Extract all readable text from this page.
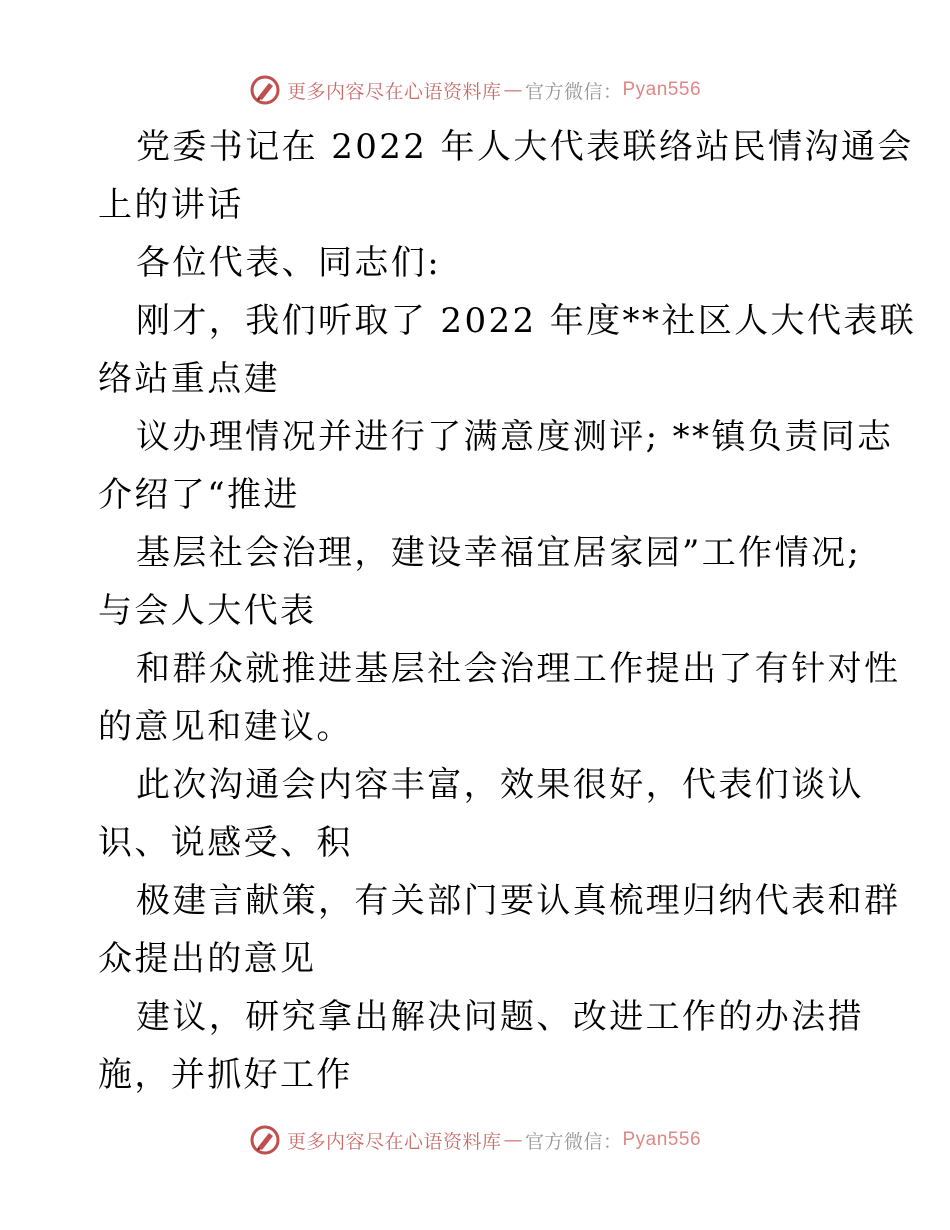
更多内容尽在心语资料库 — 官方微信： Pyan556
党委书记在 2022 年人大代表联络站民情沟通会
上的讲话
各位代表、同志们:
刚才，我们听取了 2022 年度**社区人大代表联
络站重点建
议办理情况并进行了满意度测评; **镇负责同志
介绍了“推进
基层社会治理，建设幸福宜居家园”工作情况;
与会人大代表
和群众就推进基层社会治理工作提出了有针对性
的意见和建议。
此次沟通会内容丰富，效果很好，代表们谈认
识、说感受、积
极建言献策，有关部门要认真梳理归纳代表和群
众提出的意见
建议，研究拿出解决问题、改进工作的办法措
施，并抓好工作
更多内容尽在心语资料库 — 官方微信： Pyan556
